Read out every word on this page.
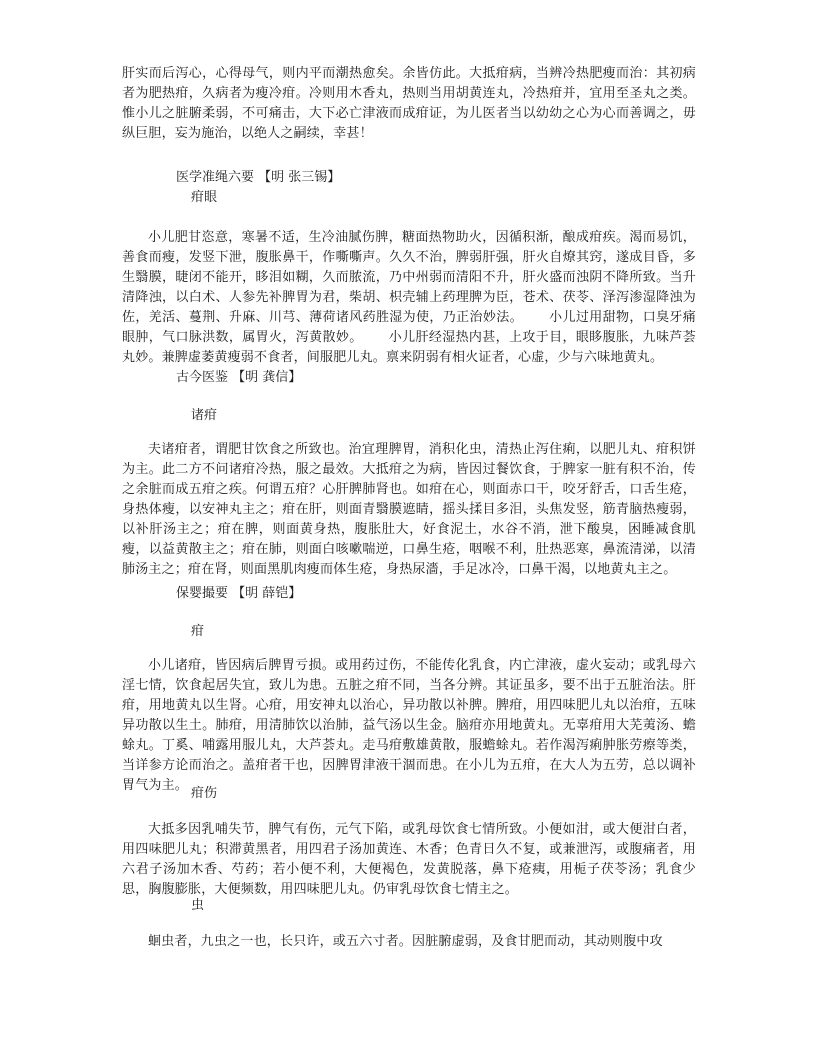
肝实而后泻心，心得母气，则内平而潮热愈矣。余皆仿此。大抵疳病，当辨冷热肥瘦而治：其初病者为肥热疳，久病者为瘦冷疳。冷则用木香丸，热则当用胡黄连丸，冷热疳并，宜用至圣丸之类。惟小儿之脏腑柔弱，不可痛击，大下必亡津液而成疳证，为儿医者当以幼幼之心为心而善调之，毋纵巨胆，妄为施治，以绝人之嗣续，幸甚！

医学准绳六要 【明 张三锡】

疳眼

小儿肥甘恣意，寒暑不适，生冷油腻伤脾，糖面热物助火，因循积渐，酿成疳疾。渴而易饥，善食而瘦，发竖下泄，腹胀鼻干，作嘶嘶声。久久不治，脾弱肝强，肝火自燎其窍，遂成目昏，多生翳膜，睫闭不能开，眵泪如糊，久而脓流，乃中州弱而清阳不升，肝火盛而浊阴不降所致。当升清降浊，以白术、人参先补脾胃为君，柴胡、枳壳辅上药理脾为臣，苍术、茯苓、泽泻渗湿降浊为佐，羌活、蔓荆、升麻、川芎、薄荷诸风药胜湿为使，乃正治妙法。 小儿过用甜物，口臭牙痛眼肿，气口脉洪数，属胃火，泻黄散妙。 小儿肝经湿热内甚，上攻于目，眼眵腹胀，九味芦荟丸妙。兼脾虚萎黄瘦弱不食者，间服肥儿丸。禀来阴弱有相火证者，心虚，少与六味地黄丸。

古今医鉴 【明 龚信】

诸疳

夫诸疳者，谓肥甘饮食之所致也。治宜理脾胃，消积化虫，清热止泻住痢，以肥儿丸、疳积饼为主。此二方不问诸疳冷热，服之最效。大抵疳之为病，皆因过餐饮食，于脾家一脏有积不治，传之余脏而成五疳之疾。何谓五疳？心肝脾肺肾也。如疳在心，则面赤口干，咬牙舒舌，口舌生疮，身热体瘦，以安神丸主之；疳在肝，则面青翳膜遮睛，摇头揉目多泪，头焦发竖，筋青脑热瘦弱，以补肝汤主之；疳在脾，则面黄身热，腹胀肚大，好食泥土，水谷不消，泄下酸臭，困睡减食肌瘦，以益黄散主之；疳在肺，则面白咳嗽喘逆，口鼻生疮，咽喉不利，肚热恶寒，鼻流清涕，以清肺汤主之；疳在肾，则面黑肌肉瘦而体生疮，身热尿濇，手足冰冷，口鼻干渴，以地黄丸主之。

保婴撮要 【明 薛铠】

疳

小儿诸疳，皆因病后脾胃亏损。或用药过伤，不能传化乳食，内亡津液，虚火妄动；或乳母六淫七情，饮食起居失宜，致儿为患。五脏之疳不同，当各分辨。其证虽多，要不出于五脏治法。肝疳，用地黄丸以生肾。心疳，用安神丸以治心，异功散以补脾。脾疳，用四味肥儿丸以治疳，五味异功散以生土。肺疳，用清肺饮以治肺，益气汤以生金。脑疳亦用地黄丸。无辜疳用大芜荑汤、蟾蜍丸。丁奚、哺露用服儿丸，大芦荟丸。走马疳敷雄黄散，服蟾蜍丸。若作渴泻痢肿胀劳瘵等类，当详参方论而治之。盖疳者干也，因脾胃津液干涸而患。在小儿为五疳，在大人为五劳，总以调补胃气为主。

疳伤

大抵多因乳哺失节，脾气有伤，元气下陷，或乳母饮食七情所致。小便如泔，或大便泔白者，用四味肥儿丸；积滞黄黑者，用四君子汤加黄连、木香；色青日久不复，或兼泄泻，或腹痛者，用六君子汤加木香、芍药；若小便不利，大便褐色，发黄脱落，鼻下疮痍，用栀子茯苓汤；乳食少思，胸腹膨胀，大便频数，用四味肥儿丸。仍审乳母饮食七情主之。

虫

蛔虫者，九虫之一也，长只许，或五六寸者。因脏腑虚弱，及食甘肥而动，其动则腹中攻
